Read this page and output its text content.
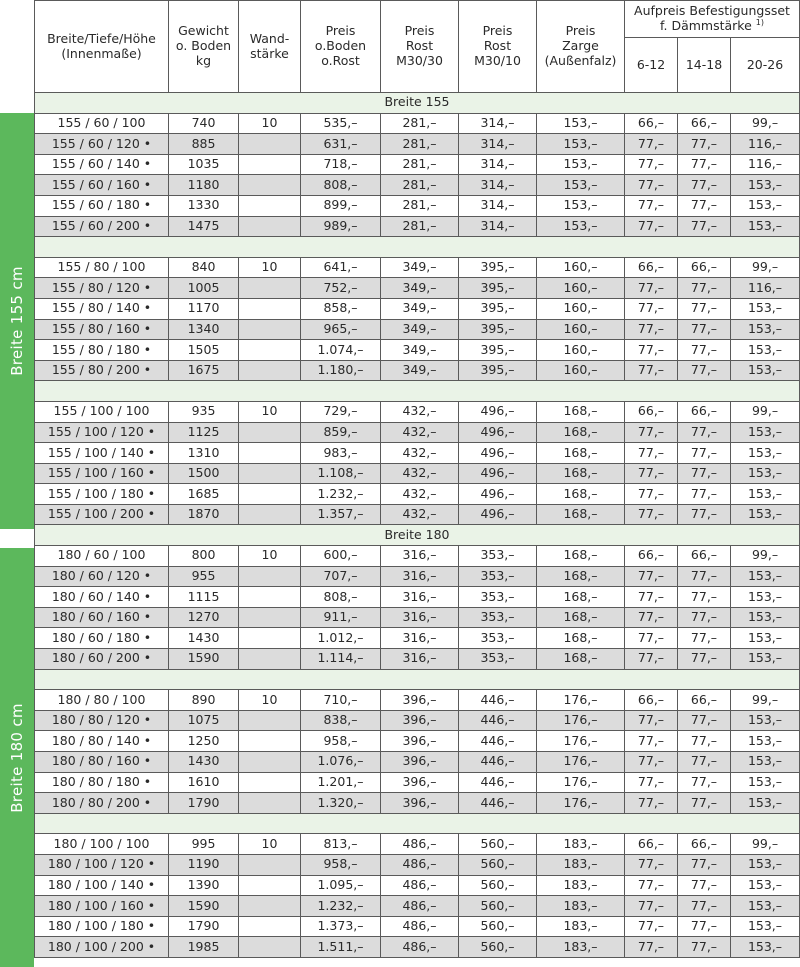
Breite 155 cm
Breite 180 cm
Breite/Tiefe/Höhe
(Innenmaße)	Gewicht
o. Boden
kg	Wand-
stärke	Preis
o.Boden
o.Rost	Preis
Rost
M30/30	Preis
Rost
M30/10	Preis
Zarge
(Außenfalz)	Aufpreis Befestigungsset
f. Dämmstärke $^{1)}$
							6-12	14-18	20-26
Breite 155									
155 / 60 / 100	740	10	535,–	281,–	314,–	153,–	66,–	66,–	99,–
155 / 60 / 120 •	885		631,–	281,–	314,–	153,–	77,–	77,–	116,–
155 / 60 / 140 •	1035		718,–	281,–	314,–	153,–	77,–	77,–	116,–
155 / 60 / 160 •	1180		808,–	281,–	314,–	153,–	77,–	77,–	153,–
155 / 60 / 180 •	1330		899,–	281,–	314,–	153,–	77,–	77,–	153,–
155 / 60 / 200 •	1475		989,–	281,–	314,–	153,–	77,–	77,–	153,–

155 / 80 / 100	840	10	641,–	349,–	395,–	160,–	66,–	66,–	99,–
155 / 80 / 120 •	1005		752,–	349,–	395,–	160,–	77,–	77,–	116,–
155 / 80 / 140 •	1170		858,–	349,–	395,–	160,–	77,–	77,–	153,–
155 / 80 / 160 •	1340		965,–	349,–	395,–	160,–	77,–	77,–	153,–
155 / 80 / 180 •	1505		1.074,–	349,–	395,–	160,–	77,–	77,–	153,–
155 / 80 / 200 •	1675		1.180,–	349,–	395,–	160,–	77,–	77,–	153,–

155 / 100 / 100	935	10	729,–	432,–	496,–	168,–	66,–	66,–	99,–
155 / 100 / 120 •	1125		859,–	432,–	496,–	168,–	77,–	77,–	153,–
155 / 100 / 140 •	1310		983,–	432,–	496,–	168,–	77,–	77,–	153,–
155 / 100 / 160 •	1500		1.108,–	432,–	496,–	168,–	77,–	77,–	153,–
155 / 100 / 180 •	1685		1.232,–	432,–	496,–	168,–	77,–	77,–	153,–
155 / 100 / 200 •	1870		1.357,–	432,–	496,–	168,–	77,–	77,–	153,–
Breite 180									
180 / 60 / 100	800	10	600,–	316,–	353,–	168,–	66,–	66,–	99,–
180 / 60 / 120 •	955		707,–	316,–	353,–	168,–	77,–	77,–	153,–
180 / 60 / 140 •	1115		808,–	316,–	353,–	168,–	77,–	77,–	153,–
180 / 60 / 160 •	1270		911,–	316,–	353,–	168,–	77,–	77,–	153,–
180 / 60 / 180 •	1430		1.012,–	316,–	353,–	168,–	77,–	77,–	153,–
180 / 60 / 200 •	1590		1.114,–	316,–	353,–	168,–	77,–	77,–	153,–

180 / 80 / 100	890	10	710,–	396,–	446,–	176,–	66,–	66,–	99,–
180 / 80 / 120 •	1075		838,–	396,–	446,–	176,–	77,–	77,–	153,–
180 / 80 / 140 •	1250		958,–	396,–	446,–	176,–	77,–	77,–	153,–
180 / 80 / 160 •	1430		1.076,–	396,–	446,–	176,–	77,–	77,–	153,–
180 / 80 / 180 •	1610		1.201,–	396,–	446,–	176,–	77,–	77,–	153,–
180 / 80 / 200 •	1790		1.320,–	396,–	446,–	176,–	77,–	77,–	153,–

180 / 100 / 100	995	10	813,–	486,–	560,–	183,–	66,–	66,–	99,–
180 / 100 / 120 •	1190		958,–	486,–	560,–	183,–	77,–	77,–	153,–
180 / 100 / 140 •	1390		1.095,–	486,–	560,–	183,–	77,–	77,–	153,–
180 / 100 / 160 •	1590		1.232,–	486,–	560,–	183,–	77,–	77,–	153,–
180 / 100 / 180 •	1790		1.373,–	486,–	560,–	183,–	77,–	77,–	153,–
180 / 100 / 200 •	1985		1.511,–	486,–	560,–	183,–	77,–	77,–	153,–
